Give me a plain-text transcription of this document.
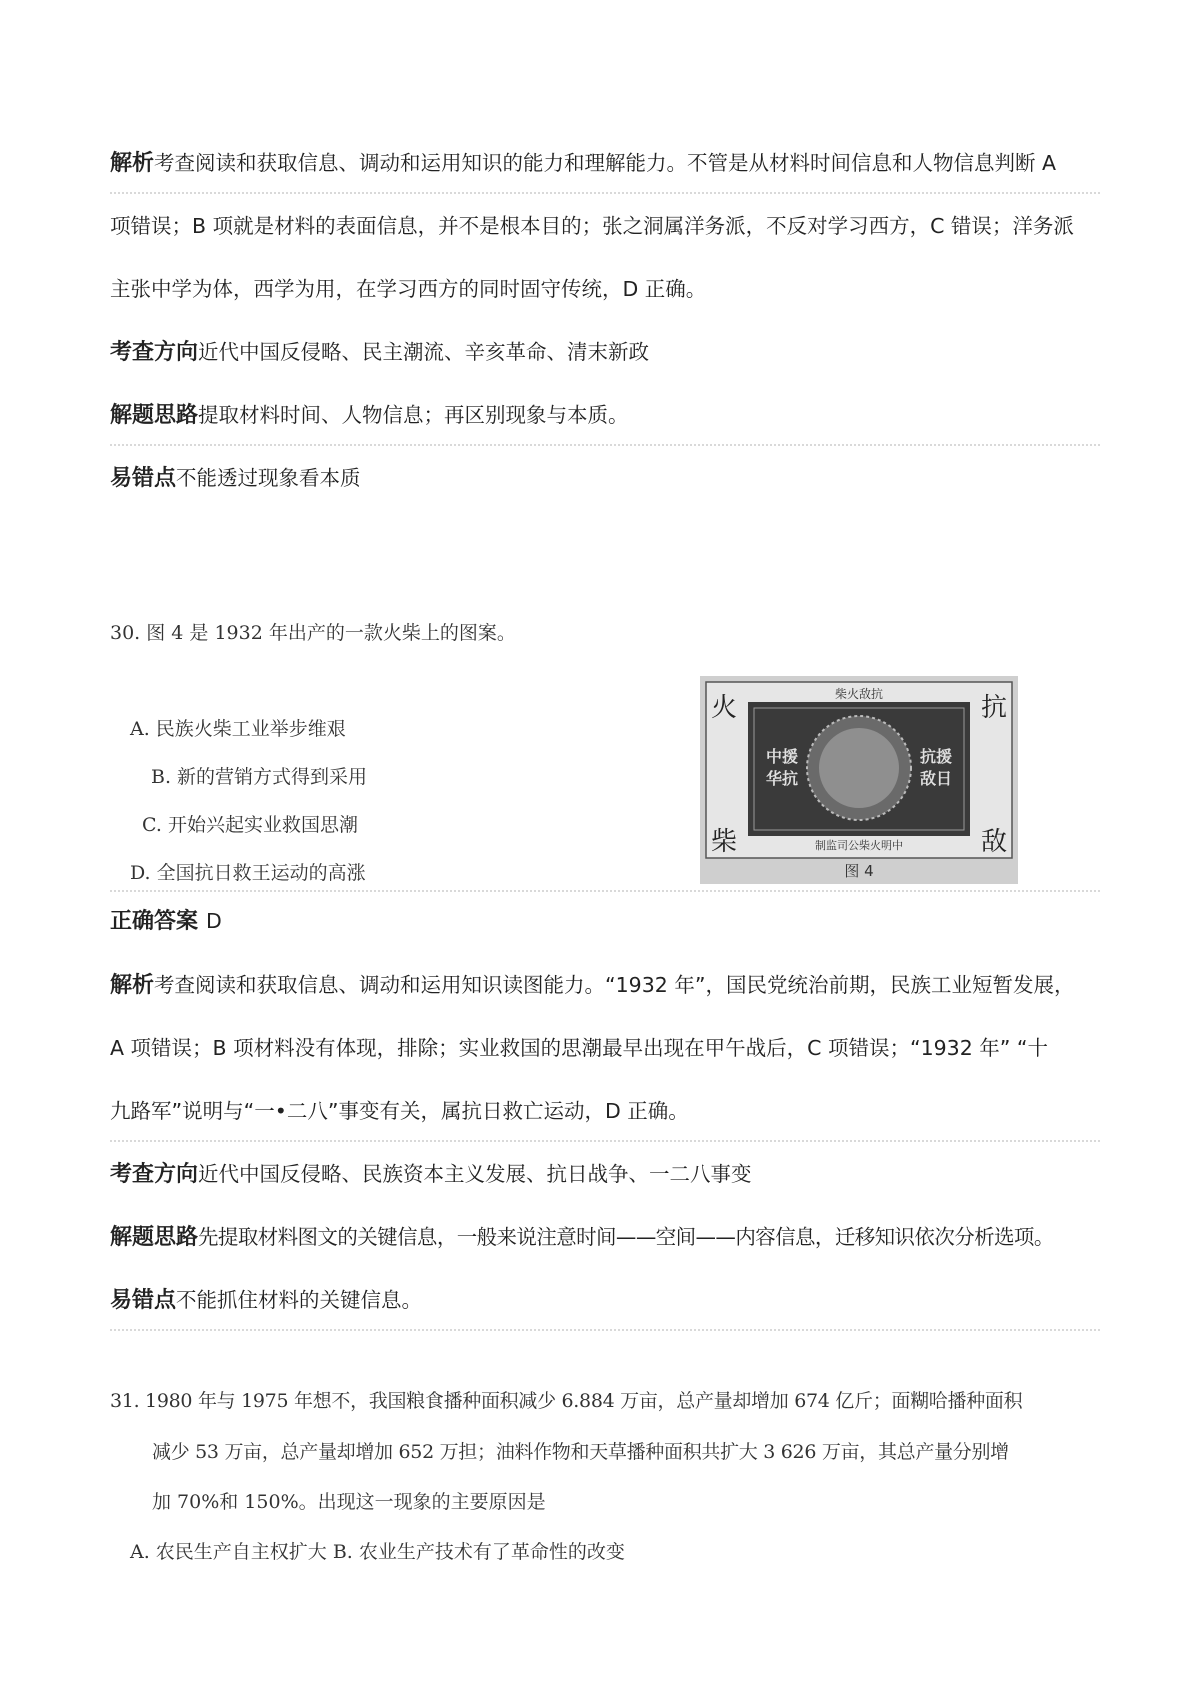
解析考查阅读和获取信息、调动和运用知识的能力和理解能力。不管是从材料时间信息和人物信息判断 A
项错误；B 项就是材料的表面信息，并不是根本目的；张之洞属洋务派，不反对学习西方，C 错误；洋务派
主张中学为体，西学为用，在学习西方的同时固守传统，D 正确。
考查方向近代中国反侵略、民主潮流、辛亥革命、清末新政
解题思路提取材料时间、人物信息；再区别现象与本质。
易错点不能透过现象看本质
30. 图 4 是 1932 年出产的一款火柴上的图案。
A. 民族火柴工业举步维艰
B. 新的营销方式得到采用
C. 开始兴起实业救国思潮
D. 全国抗日救王运动的高涨
火
柴
抗
敌
柴火敌抗
中援
华抗
抗援
敌日
制监司公柴火明中
图 4
正确答案 D
解析考查阅读和获取信息、调动和运用知识读图能力。“1932 年”，国民党统治前期，民族工业短暂发展，
A 项错误；B 项材料没有体现，排除；实业救国的思潮最早出现在甲午战后，C 项错误；“1932 年” “十
九路军”说明与“一•二八”事变有关，属抗日救亡运动，D 正确。
考查方向近代中国反侵略、民族资本主义发展、抗日战争、一二八事变
解题思路先提取材料图文的关键信息，一般来说注意时间——空间——内容信息，迁移知识依次分析选项。
易错点不能抓住材料的关键信息。
31. 1980 年与 1975 年想不，我国粮食播种面积减少 6.884 万亩，总产量却增加 674 亿斤；面糊哈播种面积
减少 53 万亩，总产量却增加 652 万担；油料作物和天草播种面积共扩大 3 626 万亩，其总产量分别增
加 70%和 150%。出现这一现象的主要原因是
A. 农民生产自主权扩大 B. 农业生产技术有了革命性的改变
